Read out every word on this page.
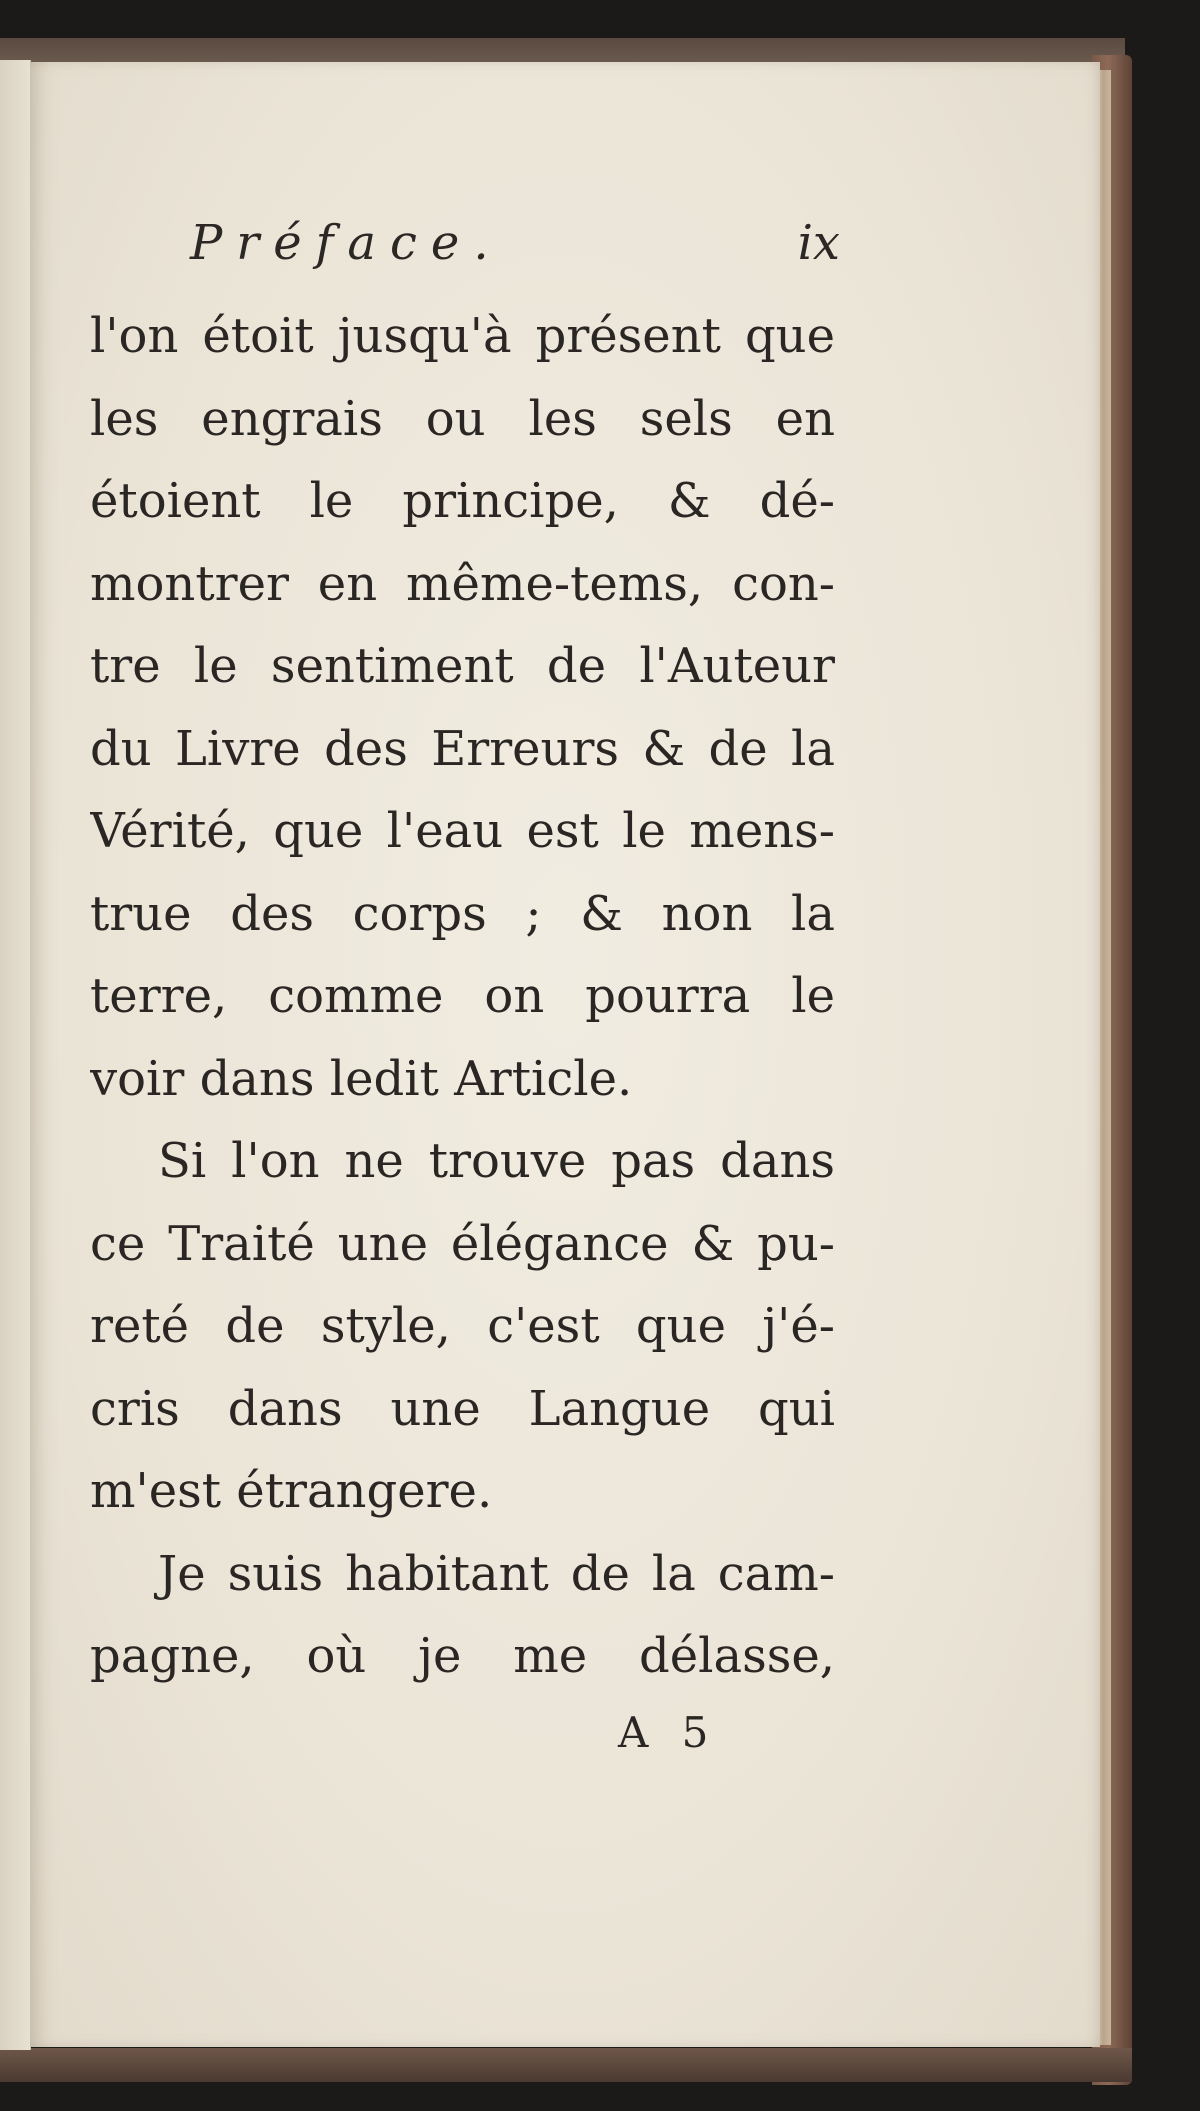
Préface.	ix
l'on étoit jusqu'à présent que
les engrais ou les sels en
étoient le principe, & dé-
montrer en même-tems, con-
tre le sentiment de l'Auteur
du Livre des Erreurs & de la
Vérité, que l'eau est le mens-
true des corps ; & non la
terre, comme on pourra le
voir dans ledit Article.
Si l'on ne trouve pas dans
ce Traité une élégance & pu-
reté de style, c'est que j'é-
cris dans une Langue qui
m'est étrangere.
Je suis habitant de la cam-
pagne, où je me délasse,
A 5
